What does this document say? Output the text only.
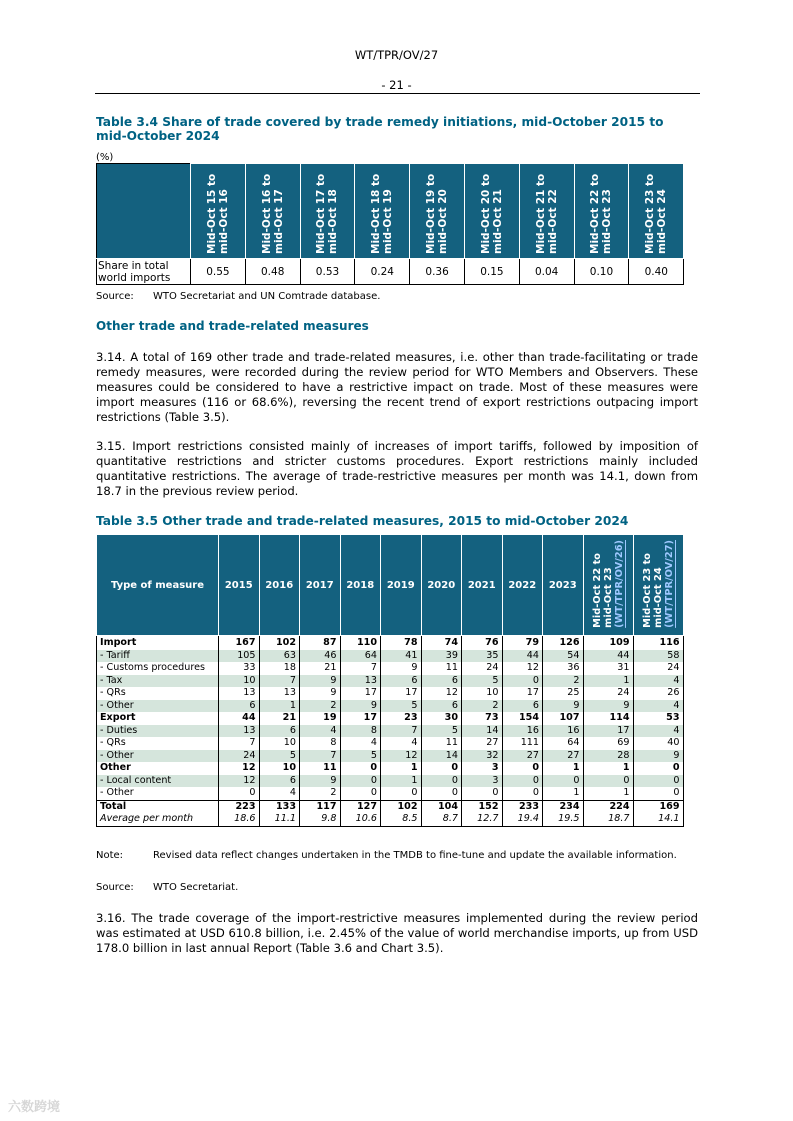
WT/TPR/OV/27
- 21 -
Table 3.4 Share of trade covered by trade remedy initiations, mid-October 2015 to mid-October 2024
(%)
	Mid-Oct 15 to mid-Oct 16	Mid-Oct 16 to mid-Oct 17	Mid-Oct 17 to mid-Oct 18	Mid-Oct 18 to mid-Oct 19	Mid-Oct 19 to mid-Oct 20	Mid-Oct 20 to mid-Oct 21	Mid-Oct 21 to mid-Oct 22	Mid-Oct 22 to mid-Oct 23	Mid-Oct 23 to mid-Oct 24
Share in total world imports	0.55	0.48	0.53	0.24	0.36	0.15	0.04	0.10	0.40
Source: WTO Secretariat and UN Comtrade database.
Other trade and trade-related measures
3.14. A total of 169 other trade and trade-related measures, i.e. other than trade-facilitating or trade remedy measures, were recorded during the review period for WTO Members and Observers. These measures could be considered to have a restrictive impact on trade. Most of these measures were import measures (116 or 68.6%), reversing the recent trend of export restrictions outpacing import restrictions (Table 3.5).
3.15. Import restrictions consisted mainly of increases of import tariffs, followed by imposition of quantitative restrictions and stricter customs procedures. Export restrictions mainly included quantitative restrictions. The average of trade-restrictive measures per month was 14.1, down from 18.7 in the previous review period.
Table 3.5 Other trade and trade-related measures, 2015 to mid-October 2024
Type of measure	2015	2016	2017	2018	2019	2020	2021	2022	2023	Mid-Oct 22 to
mid-Oct 23
(WT/TPR/OV/26)	Mid-Oct 23 to
mid-Oct 24
(WT/TPR/OV/27)
Import	167	102	87	110	78	74	76	79	126	109	116
- Tariff	105	63	46	64	41	39	35	44	54	44	58
- Customs procedures	33	18	21	7	9	11	24	12	36	31	24
- Tax	10	7	9	13	6	6	5	0	2	1	4
- QRs	13	13	9	17	17	12	10	17	25	24	26
- Other	6	1	2	9	5	6	2	6	9	9	4
Export	44	21	19	17	23	30	73	154	107	114	53
- Duties	13	6	4	8	7	5	14	16	16	17	4
- QRs	7	10	8	4	4	11	27	111	64	69	40
- Other	24	5	7	5	12	14	32	27	27	28	9
Other	12	10	11	0	1	0	3	0	1	1	0
- Local content	12	6	9	0	1	0	3	0	0	0	0
- Other	0	4	2	0	0	0	0	0	1	1	0
Total	223	133	117	127	102	104	152	233	234	224	169
Average per month	18.6	11.1	9.8	10.6	8.5	8.7	12.7	19.4	19.5	18.7	14.1
Note:	Revised data reflect changes undertaken in the TMDB to fine-tune and update the available information.
Source: WTO Secretariat.
3.16. The trade coverage of the import-restrictive measures implemented during the review period was estimated at USD 610.8 billion, i.e. 2.45% of the value of world merchandise imports, up from USD 178.0 billion in last annual Report (Table 3.6 and Chart 3.5).
六数跨境
